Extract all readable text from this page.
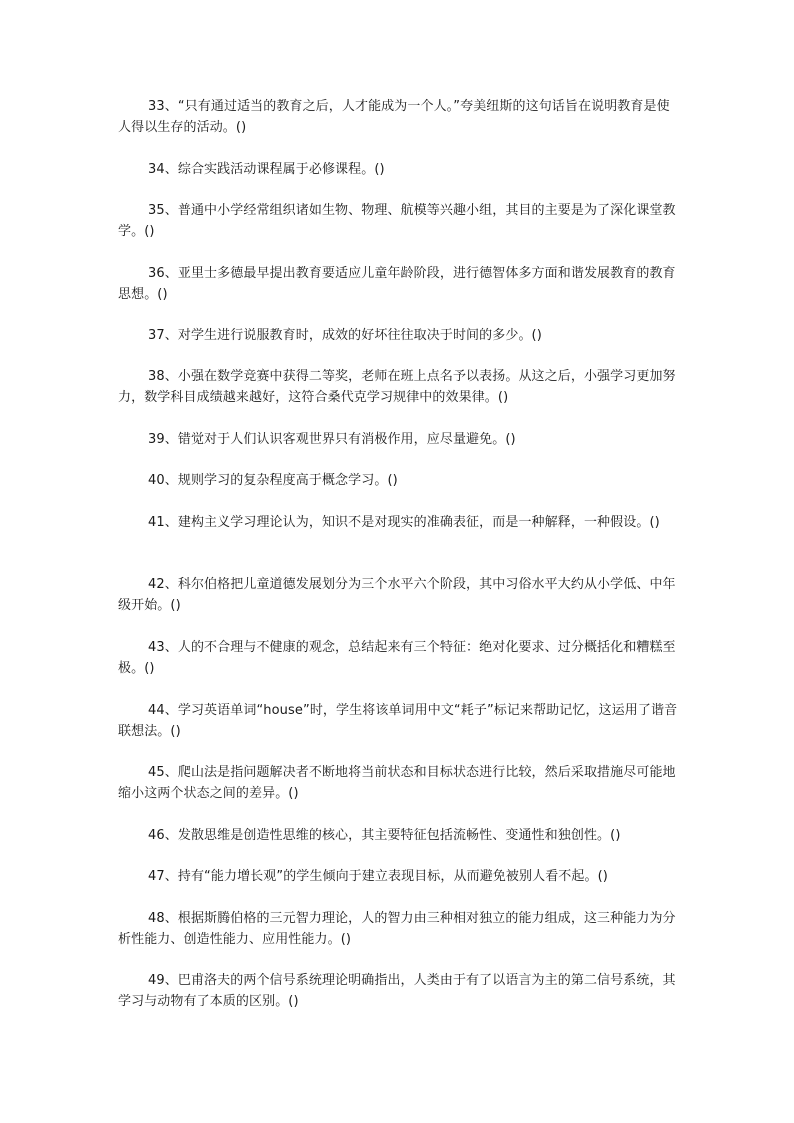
33、“只有通过适当的教育之后，人才能成为一个人。”夸美纽斯的这句话旨在说明教育是使人得以生存的活动。()

34、综合实践活动课程属于必修课程。()

35、普通中小学经常组织诸如生物、物理、航模等兴趣小组，其目的主要是为了深化课堂教学。()

36、亚里士多德最早提出教育要适应儿童年龄阶段，进行德智体多方面和谐发展教育的教育思想。()

37、对学生进行说服教育时，成效的好坏往往取决于时间的多少。()

38、小强在数学竞赛中获得二等奖，老师在班上点名予以表扬。从这之后，小强学习更加努力，数学科目成绩越来越好，这符合桑代克学习规律中的效果律。()

39、错觉对于人们认识客观世界只有消极作用，应尽量避免。()

40、规则学习的复杂程度高于概念学习。()

41、建构主义学习理论认为，知识不是对现实的准确表征，而是一种解释，一种假设。()

42、科尔伯格把儿童道德发展划分为三个水平六个阶段，其中习俗水平大约从小学低、中年级开始。()

43、人的不合理与不健康的观念，总结起来有三个特征：绝对化要求、过分概括化和糟糕至极。()

44、学习英语单词“house”时，学生将该单词用中文“耗子”标记来帮助记忆，这运用了谐音联想法。()

45、爬山法是指问题解决者不断地将当前状态和目标状态进行比较，然后采取措施尽可能地缩小这两个状态之间的差异。()

46、发散思维是创造性思维的核心，其主要特征包括流畅性、变通性和独创性。()

47、持有“能力增长观”的学生倾向于建立表现目标，从而避免被别人看不起。()

48、根据斯腾伯格的三元智力理论，人的智力由三种相对独立的能力组成，这三种能力为分析性能力、创造性能力、应用性能力。()

49、巴甫洛夫的两个信号系统理论明确指出，人类由于有了以语言为主的第二信号系统，其学习与动物有了本质的区别。()
